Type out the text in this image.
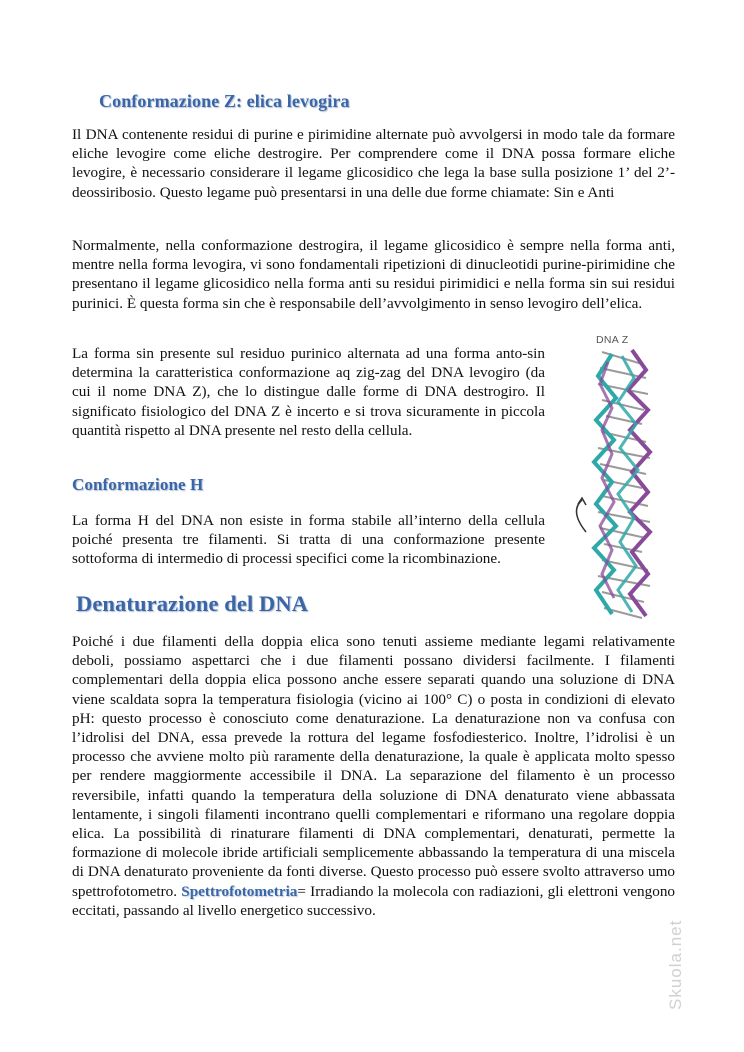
Conformazione Z: elica levogira
Il DNA contenente residui di purine e pirimidine alternate può avvolgersi in modo tale da formare eliche levogire come eliche destrogire. Per comprendere come il DNA possa formare eliche levogire, è necessario considerare il legame glicosidico che lega la base sulla posizione 1’ del 2’-deossiribosio. Questo legame può presentarsi in una delle due forme chiamate: Sin e Anti
Normalmente, nella conformazione destrogira, il legame glicosidico è sempre nella forma anti, mentre nella forma levogira, vi sono fondamentali ripetizioni di dinucleotidi purine-pirimidine che presentano il legame glicosidico nella forma anti su residui pirimidici e nella forma sin sui residui purinici. È questa forma sin che è responsabile dell’avvolgimento in senso levogiro dell’elica.
La forma sin presente sul residuo purinico alternata ad una forma anto-sin determina la caratteristica conformazione aq zig-zag del DNA levogiro (da cui il nome DNA Z), che lo distingue dalle forme di DNA destrogiro. Il significato fisiologico del DNA Z è incerto e si trova sicuramente in piccola quantità rispetto al DNA presente nel resto della cellula.
Conformazione H
La forma H del DNA non esiste in forma stabile all’interno della cellula poiché presenta tre filamenti. Si tratta di una conformazione presente sottoforma di intermedio di processi specifici come la ricombinazione.
Denaturazione del DNA
Poiché i due filamenti della doppia elica sono tenuti assieme mediante legami relativamente deboli, possiamo aspettarci che i due filamenti possano dividersi facilmente. I filamenti complementari della doppia elica possono anche essere separati quando una soluzione di DNA viene scaldata sopra la temperatura fisiologia (vicino ai 100° C) o posta in condizioni di elevato pH: questo processo è conosciuto come denaturazione. La denaturazione non va confusa con l’idrolisi del DNA, essa prevede la rottura del legame fosfodiesterico. Inoltre, l’idrolisi è un processo che avviene molto più raramente della denaturazione, la quale è applicata molto spesso per rendere maggiormente accessibile il DNA. La separazione del filamento è un processo reversibile, infatti quando la temperatura della soluzione di DNA denaturato viene abbassata lentamente, i singoli filamenti incontrano quelli complementari e riformano una regolare doppia elica. La possibilità di rinaturare filamenti di DNA complementari, denaturati, permette la formazione di molecole ibride artificiali semplicemente abbassando la temperatura di una miscela di DNA denaturato proveniente da fonti diverse. Questo processo può essere svolto attraverso umo spettrofotometro. Spettrofotometria= Irradiando la molecola con radiazioni, gli elettroni vengono eccitati, passando al livello energetico successivo.
DNA Z
Skuola.net
